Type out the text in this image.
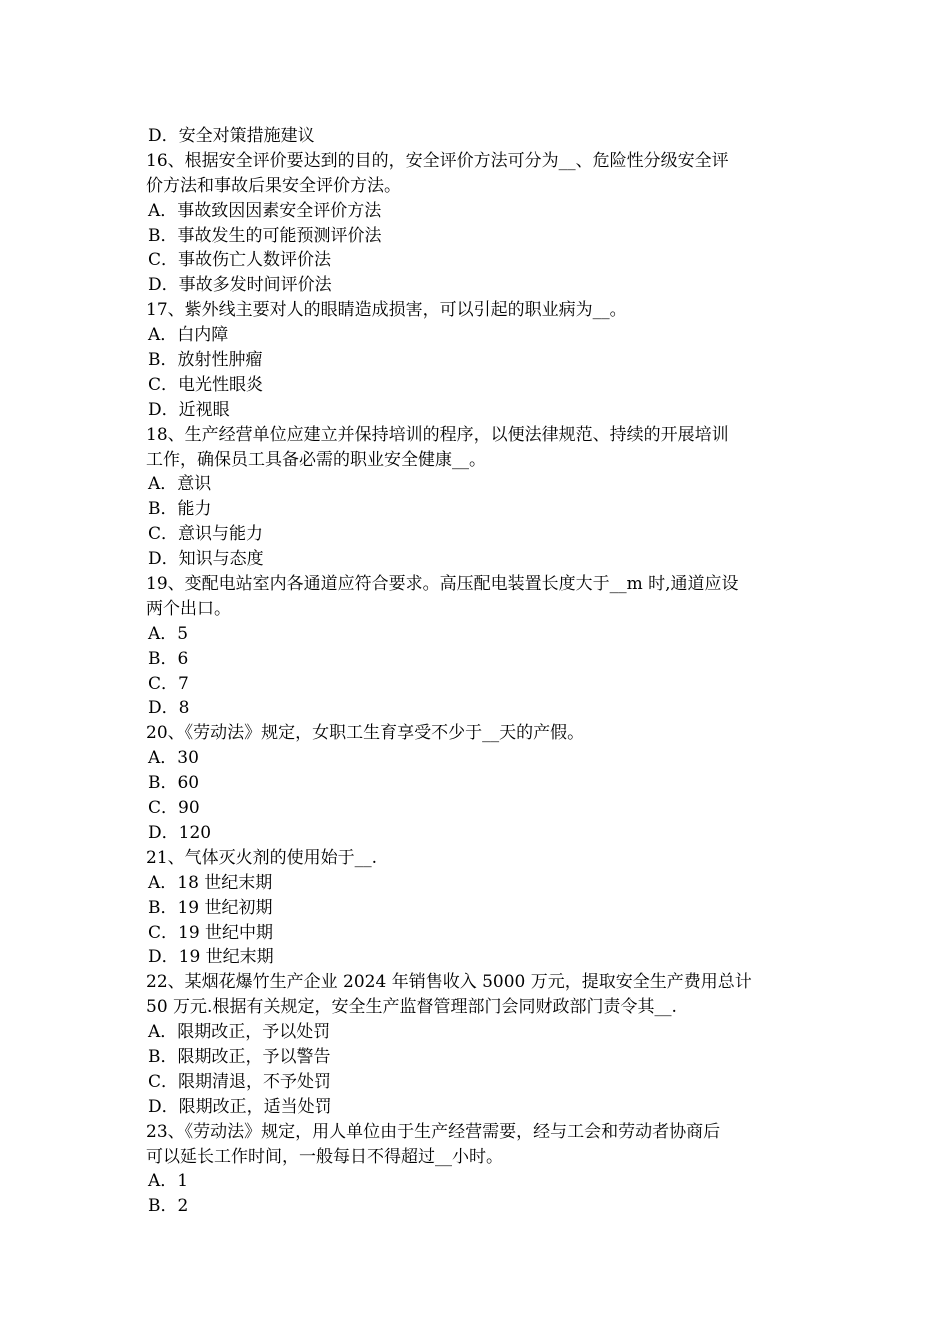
D．安全对策措施建议
16、根据安全评价要达到的目的，安全评价方法可分为__、危险性分级安全评
价方法和事故后果安全评价方法。
A．事故致因因素安全评价方法
B．事故发生的可能预测评价法
C．事故伤亡人数评价法
D．事故多发时间评价法
17、紫外线主要对人的眼睛造成损害，可以引起的职业病为__。
A．白内障
B．放射性肿瘤
C．电光性眼炎
D．近视眼
18、生产经营单位应建立并保持培训的程序，以便法律规范、持续的开展培训
工作，确保员工具备必需的职业安全健康__。
A．意识
B．能力
C．意识与能力
D．知识与态度
19、变配电站室内各通道应符合要求。高压配电装置长度大于__m 时,通道应设
两个出口。
A．5
B．6
C．7
D．8
20、《劳动法》规定，女职工生育享受不少于__天的产假。
A．30
B．60
C．90
D．120
21、气体灭火剂的使用始于__.
A．18 世纪末期
B．19 世纪初期
C．19 世纪中期
D．19 世纪末期
22、某烟花爆竹生产企业 2024 年销售收入 5000 万元，提取安全生产费用总计
50 万元.根据有关规定，安全生产监督管理部门会同财政部门责令其__.
A．限期改正，予以处罚
B．限期改正，予以警告
C．限期清退，不予处罚
D．限期改正，适当处罚
23、《劳动法》规定，用人单位由于生产经营需要，经与工会和劳动者协商后
可以延长工作时间，一般每日不得超过__小时。
A．1
B．2
